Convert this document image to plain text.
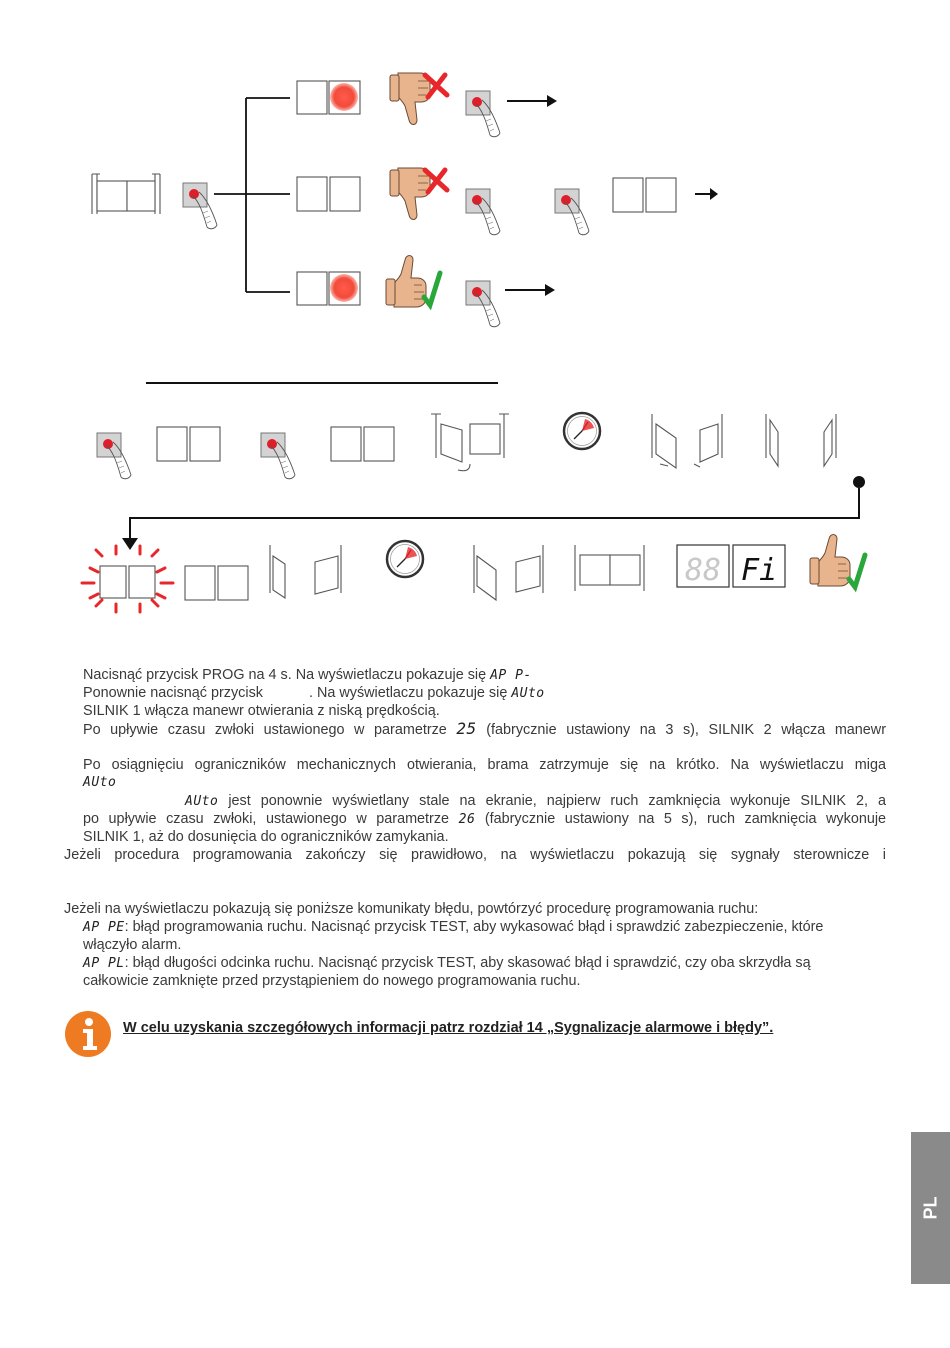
88 Fi
Nacisnąć przycisk PROG na 4 s. Na wyświetlaczu pokazuje się AP P-
Ponownie nacisnąć przycisk	. Na wyświetlaczu pokazuje się AUto
SILNIK 1 włącza manewr otwierania z niską prędkością.
Po upływie czasu zwłoki ustawionego w parametrze 25 (fabrycznie ustawiony na 3 s), SILNIK 2 włącza manewr
Po osiągnięciu ograniczników mechanicznych otwierania, brama zatrzymuje się na krótko. Na wyświetlaczu miga
AUto
AUto jest ponownie wyświetlany stale na ekranie, najpierw ruch zamknięcia wykonuje SILNIK 2, a
po upływie czasu zwłoki, ustawionego w parametrze 26 (fabrycznie ustawiony na 5 s), ruch zamknięcia wykonuje
SILNIK 1, aż do dosunięcia do ograniczników zamykania.
Jeżeli procedura programowania zakończy się prawidłowo, na wyświetlaczu pokazują się sygnały sterownicze i
Jeżeli na wyświetlaczu pokazują się poniższe komunikaty błędu, powtórzyć procedurę programowania ruchu:
AP PE: błąd programowania ruchu. Nacisnąć przycisk TEST, aby wykasować błąd i sprawdzić zabezpieczenie, które
włączyło alarm.
AP PL: błąd długości odcinka ruchu. Nacisnąć przycisk TEST, aby skasować błąd i sprawdzić, czy oba skrzydła są
całkowicie zamknięte przed przystąpieniem do nowego programowania ruchu.
W celu uzyskania szczegółowych informacji patrz rozdział 14 „Sygnalizacje alarmowe i błędy”.
PL
